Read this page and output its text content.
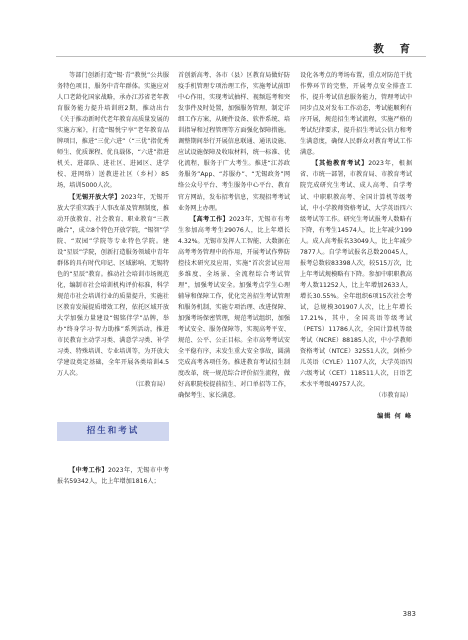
教 育

等部门创新打造“锡·青”教悦”公共服务特色项目，服务中青年群体。实施应对人口老龄化国家战略，承办江苏省老年教育服务能力提升培训班2期，推动出台《关于推动新时代老年教育高质量发展的实施方案》，打造“锡悦宁享”老年教育品牌项目，推进“三优六进”（“三优”指优秀师生、优质课程、优良载体，“六进”指进机关、进部队、进社区、进园区、进学校、进网络）送教进社区（乡村）85场，培训5000人次。

【无锡开放大学】2023年，无锡开放大学重实践于人事改革及管理制度，推动开放教育、社会教育、职业教育“三教融合”，成立8个特色开放学院，“锡智”学院、“双园”学院等专业特色学院。建设“星辰”学院，创新打造服务领域中青年群体的具有时代印记、区域影响、无锡特色的“星辰”教育。推动社会培训市场规范化，编制市社会培训机构评价标准，科学规范市社会培训行业的质量提升，实施社区教育发展提质增效工程，依托区域开放大学加强力量建设“锡铭伴学”品牌，举办“终身学习·智力助推”系列活动，推进市民教育主动学习类、满意学习类、补学习类、特殊培训、专业培训等，为开放大学建设奠定基础，全年开展各类培训4.5万人次。

（江教育局）

招生和考试

【中考工作】2023年，无锡市中考报名59342人，比上年增加1816人；

首创新高考、各市（县）区教育局做好防疫手机管理专项治理工作，实施考试前即中心作用，实现考试抽样、视频巡考和突发事件及时处置，加强服务管理，制定详细工作方案，从硬件设备、软件系统、培训指导和过程管理等方面强化保障措施。调整期间举行开展信息联通、通讯设施、应试设施保障及收取材料，统一标准、优化流程，服务于广大考生。推进“江苏政务服务”App、“苏服办”、“无锡政务”网络公众号平台、考生服务中心平台、教育官方网站，发布招考信息，实现招考考试业务网上办理。

【高考工作】2023年，无锡市有考生参加高考考生29076人，比上年增长4.32%。无锡市发挥人工智能、大数据在高考考务管理中的作用，开展考试作弊防控技术研究及应用，实施“首次尝试应用多维度、全场景、全流程综合考试管理”，加强考试安全。加强考点学生心理辅导和保障工作，优化完善招生考试管理和服务机制，实施专项治理、改进保障、加强考场保密管理，规范考试组织，加强考试安全、服务保障等，实现高考平安、规范、公平、公正目标。全市高考考试安全平稳有序，未发生重大安全事故，圆满完成高考各项任务。推进教育考试招生制度改革，统一规范综合评价招生流程，做好高职院校提前招生、对口单招等工作，确保考生、家长满意。

设化各考点的考场布置，重点对防范干扰作弊环节的完整，开展考点安全排查工作，提升考试信息服务能力，管理考试中同步点及对发布工作动态，考试能顺利有序开展，规范招生考试流程，实施严格的考试纪律要求，提升招生考试公信力和考生满意度，确保人民群众对教育考试工作满意。

【其他教育考试】2023年，根据省、市统一部署，市教育局、市教育考试院完成研究生考试、成人高考、自学考试、中职职教高考、全国计算机等级考试、中小学教师资格考试、大学英语四六级考试等工作。研究生考试报考人数略有下降，有考生14574人，比上年减少199人。成人高考报名33049人，比上年减少7877人。自学考试报名总数20045人，报考总数较83398人次，较515万次，比上年考试规模略有下降。参加中职职教高考人数11252人，比上年增加2633人，增长30.55%。全年组织6项15次社会考试，总规模301907人次，比上年增长17.21%，其中，全国英语等级考试（PETS）11786人次，全国计算机等级考试（NCRE）88185人次，中小学教师资格考试（NTCE）32551人次，剑桥少儿英语（CYLE）1107人次，大学英语四六级考试（CET）118511人次，日语艺术水平考级49757人次。

（市教育局）

编辑 何 峰
383
